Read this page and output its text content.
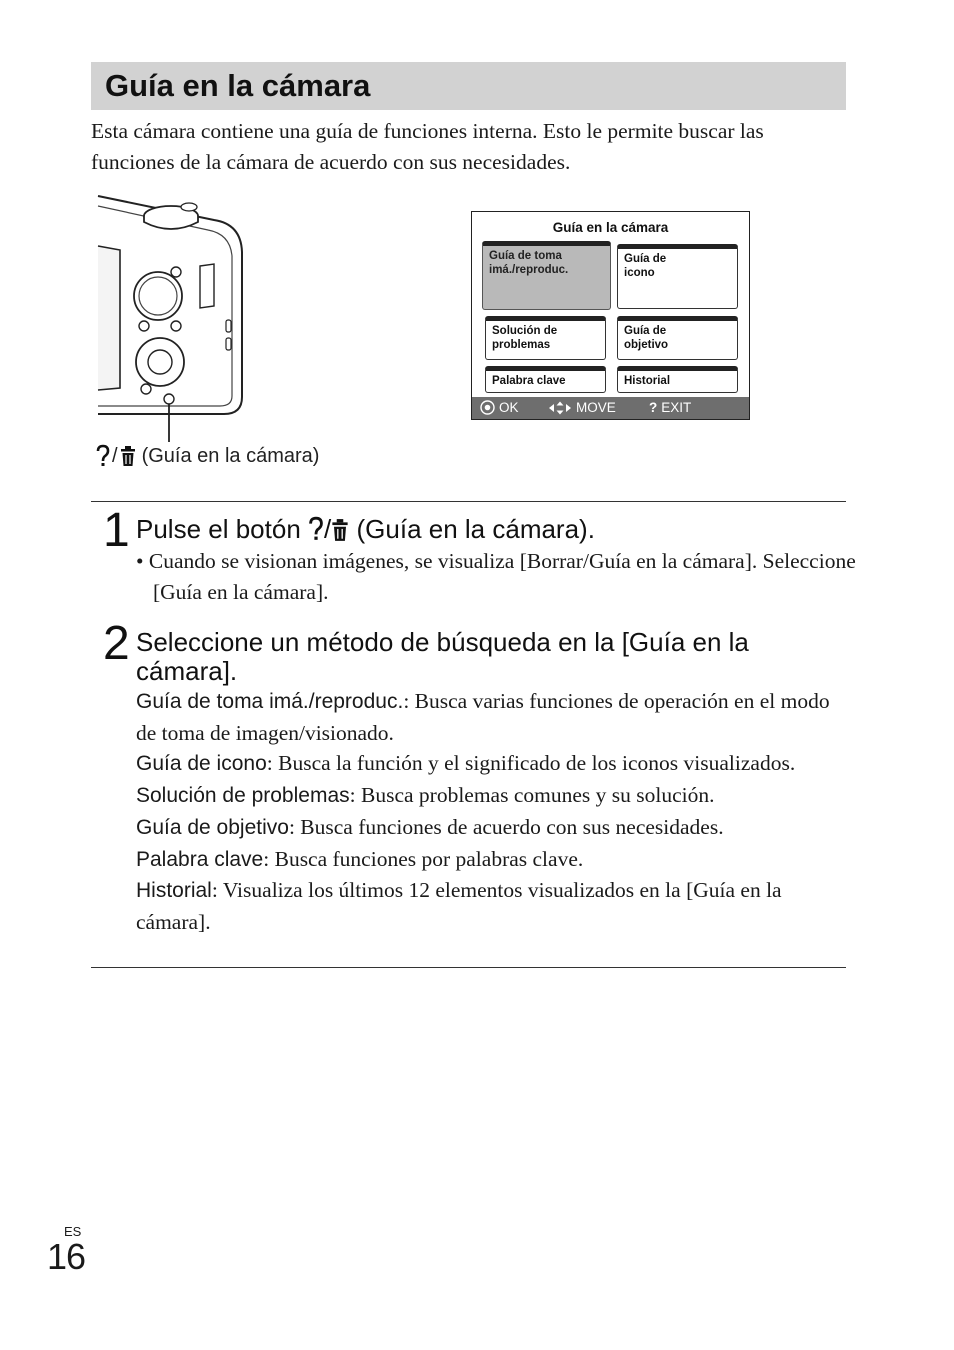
Guía en la cámara

Esta cámara contiene una guía de funciones interna. Esto le permite buscar las funciones de la cámara de acuerdo con sus necesidades.

/ (Guía en la cámara)
Guía en la cámara
Guía de toma
imá./reproduc.
Guía de
icono
Solución de
problemas
Guía de
objetivo
Palabra clave	Historial
OK	MOVE ? EXIT
1 Pulse el botón / (Guía en la cámara).

• Cuando se visionan imágenes, se visualiza [Borrar/Guía en la cámara]. Seleccione [Guía en la cámara].

2 Seleccione un método de búsqueda en la [Guía en la cámara].

Guía de toma imá./reproduc.: Busca varias funciones de operación en el modo de toma de imagen/visionado.

Guía de icono: Busca la función y el significado de los iconos visualizados.

Solución de problemas: Busca problemas comunes y su solución.

Guía de objetivo: Busca funciones de acuerdo con sus necesidades.

Palabra clave: Busca funciones por palabras clave.

Historial: Visualiza los últimos 12 elementos visualizados en la [Guía en la cámara].

ES
16
